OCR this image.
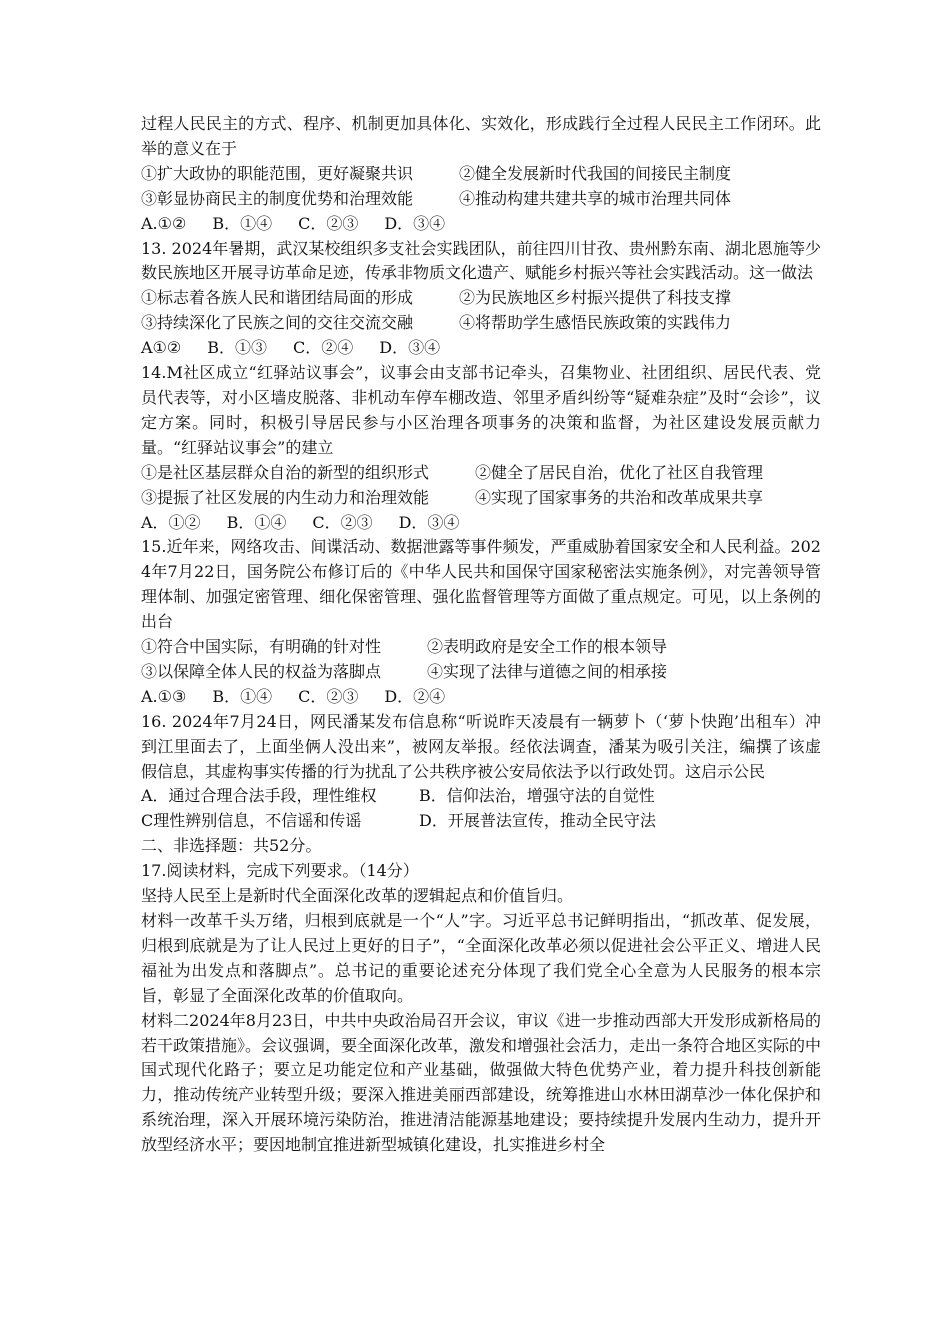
过程人民民主的方式、程序、机制更加具体化、实效化，形成践行全过程人民民主工作闭环。此举的意义在于

①扩大政协的职能范围，更好凝聚共识	②健全发展新时代我国的间接民主制度
③彰显协商民主的制度优势和治理效能	④推动构建共建共享的城市治理共同体
A.①② B．①④ C．②③ D．③④

13. 2024年暑期，武汉某校组织多支社会实践团队，前往四川甘孜、贵州黔东南、湖北恩施等少数民族地区开展寻访革命足迹，传承非物质文化遗产、赋能乡村振兴等社会实践活动。这一做法

①标志着各族人民和谐团结局面的形成	②为民族地区乡村振兴提供了科技支撑
③持续深化了民族之间的交往交流交融	④将帮助学生感悟民族政策的实践伟力
A①② B．①③ C．②④ D．③④

14.M社区成立“红驿站议事会”，议事会由支部书记牵头，召集物业、社团组织、居民代表、党员代表等，对小区墙皮脱落、非机动车停车棚改造、邻里矛盾纠纷等“疑难杂症”及时“会诊”，议定方案。同时，积极引导居民参与小区治理各项事务的决策和监督，为社区建设发展贡献力量。“红驿站议事会”的建立

①是社区基层群众自治的新型的组织形式	②健全了居民自治，优化了社区自我管理
③提振了社区发展的内生动力和治理效能	④实现了国家事务的共治和改革成果共享
A．①② B．①④ C．②③ D．③④

15.近年来，网络攻击、间谍活动、数据泄露等事件频发，严重威胁着国家安全和人民利益。2024年7月22日，国务院公布修订后的《中华人民共和国保守国家秘密法实施条例》，对完善领导管理体制、加强定密管理、细化保密管理、强化监督管理等方面做了重点规定。可见，以上条例的出台

①符合中国实际，有明确的针对性	②表明政府是安全工作的根本领导
③以保障全体人民的权益为落脚点	④实现了法律与道德之间的相承接
A.①③ B．①④ C．②③ D．②④

16. 2024年7月24日，网民潘某发布信息称“听说昨天凌晨有一辆萝卜（‘萝卜快跑’出租车）冲到江里面去了，上面坐俩人没出来”，被网友举报。经依法调查，潘某为吸引关注，编撰了该虚假信息，其虚构事实传播的行为扰乱了公共秩序被公安局依法予以行政处罚。这启示公民

A．通过合理合法手段，理性维权	B．信仰法治，增强守法的自觉性
C理性辨别信息，不信谣和传谣	D．开展普法宣传，推动全民守法

二、非选择题：共52分。

17.阅读材料，完成下列要求。（14分）

坚持人民至上是新时代全面深化改革的逻辑起点和价值旨归。

材料一改革千头万绪，归根到底就是一个“人”字。习近平总书记鲜明指出，“抓改革、促发展，归根到底就是为了让人民过上更好的日子”，“全面深化改革必须以促进社会公平正义、增进人民福祉为出发点和落脚点”。总书记的重要论述充分体现了我们党全心全意为人民服务的根本宗旨，彰显了全面深化改革的价值取向。

材料二2024年8月23日，中共中央政治局召开会议，审议《进一步推动西部大开发形成新格局的若干政策措施》。会议强调，要全面深化改革，激发和增强社会活力，走出一条符合地区实际的中国式现代化路子；要立足功能定位和产业基础，做强做大特色优势产业，着力提升科技创新能力，推动传统产业转型升级；要深入推进美丽西部建设，统筹推进山水林田湖草沙一体化保护和系统治理，深入开展环境污染防治，推进清洁能源基地建设；要持续提升发展内生动力，提升开放型经济水平；要因地制宜推进新型城镇化建设，扎实推进乡村全
